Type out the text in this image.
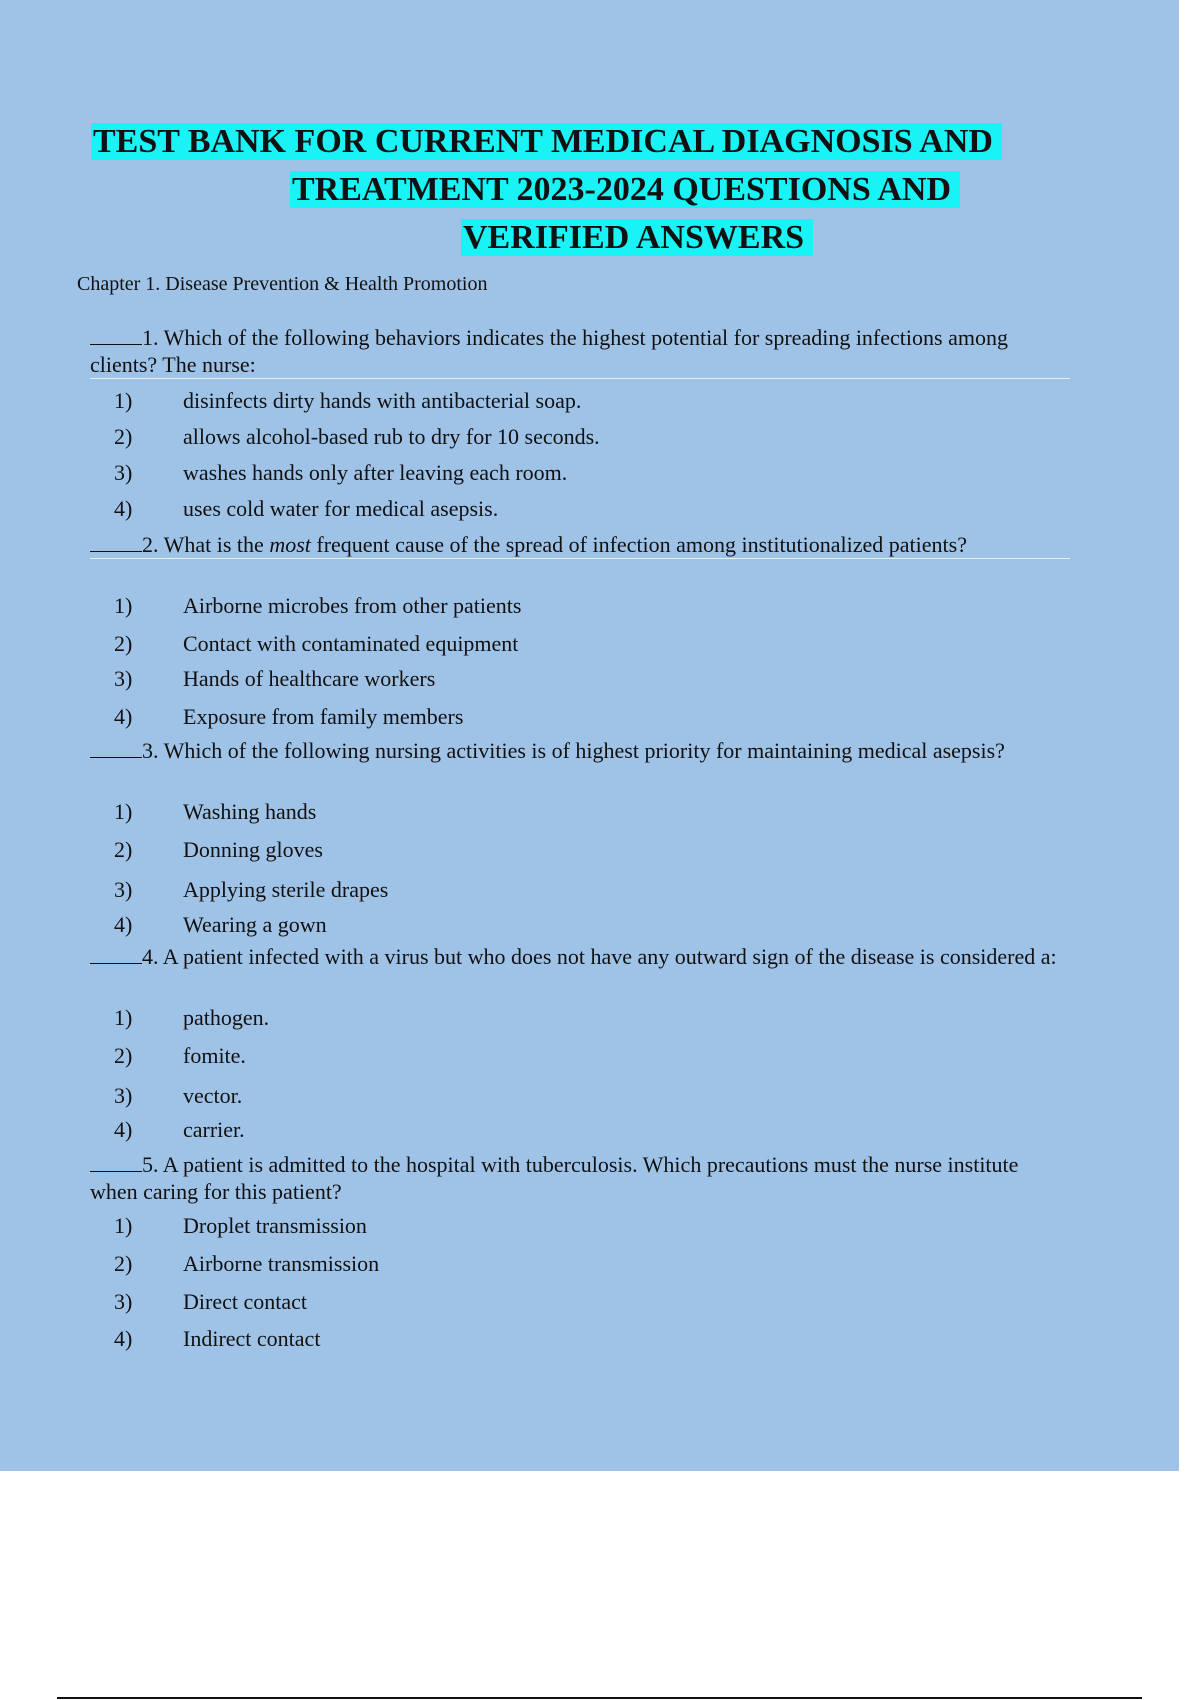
TEST BANK FOR CURRENT MEDICAL DIAGNOSIS AND
TREATMENT 2023-2024 QUESTIONS AND
VERIFIED ANSWERS
Chapter 1. Disease Prevention & Health Promotion
1. Which of the following behaviors indicates the highest potential for spreading infections among clients? The nurse:
1) disinfects dirty hands with antibacterial soap.
2) allows alcohol-based rub to dry for 10 seconds.
3) washes hands only after leaving each room.
4) uses cold water for medical asepsis.
2. What is the most frequent cause of the spread of infection among institutionalized patients?
1) Airborne microbes from other patients
2) Contact with contaminated equipment
3) Hands of healthcare workers
4) Exposure from family members
3. Which of the following nursing activities is of highest priority for maintaining medical asepsis?
1) Washing hands
2) Donning gloves
3) Applying sterile drapes
4) Wearing a gown
4. A patient infected with a virus but who does not have any outward sign of the disease is considered a:
1) pathogen.
2) fomite.
3) vector.
4) carrier.
5. A patient is admitted to the hospital with tuberculosis. Which precautions must the nurse institute when caring for this patient?
1) Droplet transmission
2) Airborne transmission
3) Direct contact
4) Indirect contact
